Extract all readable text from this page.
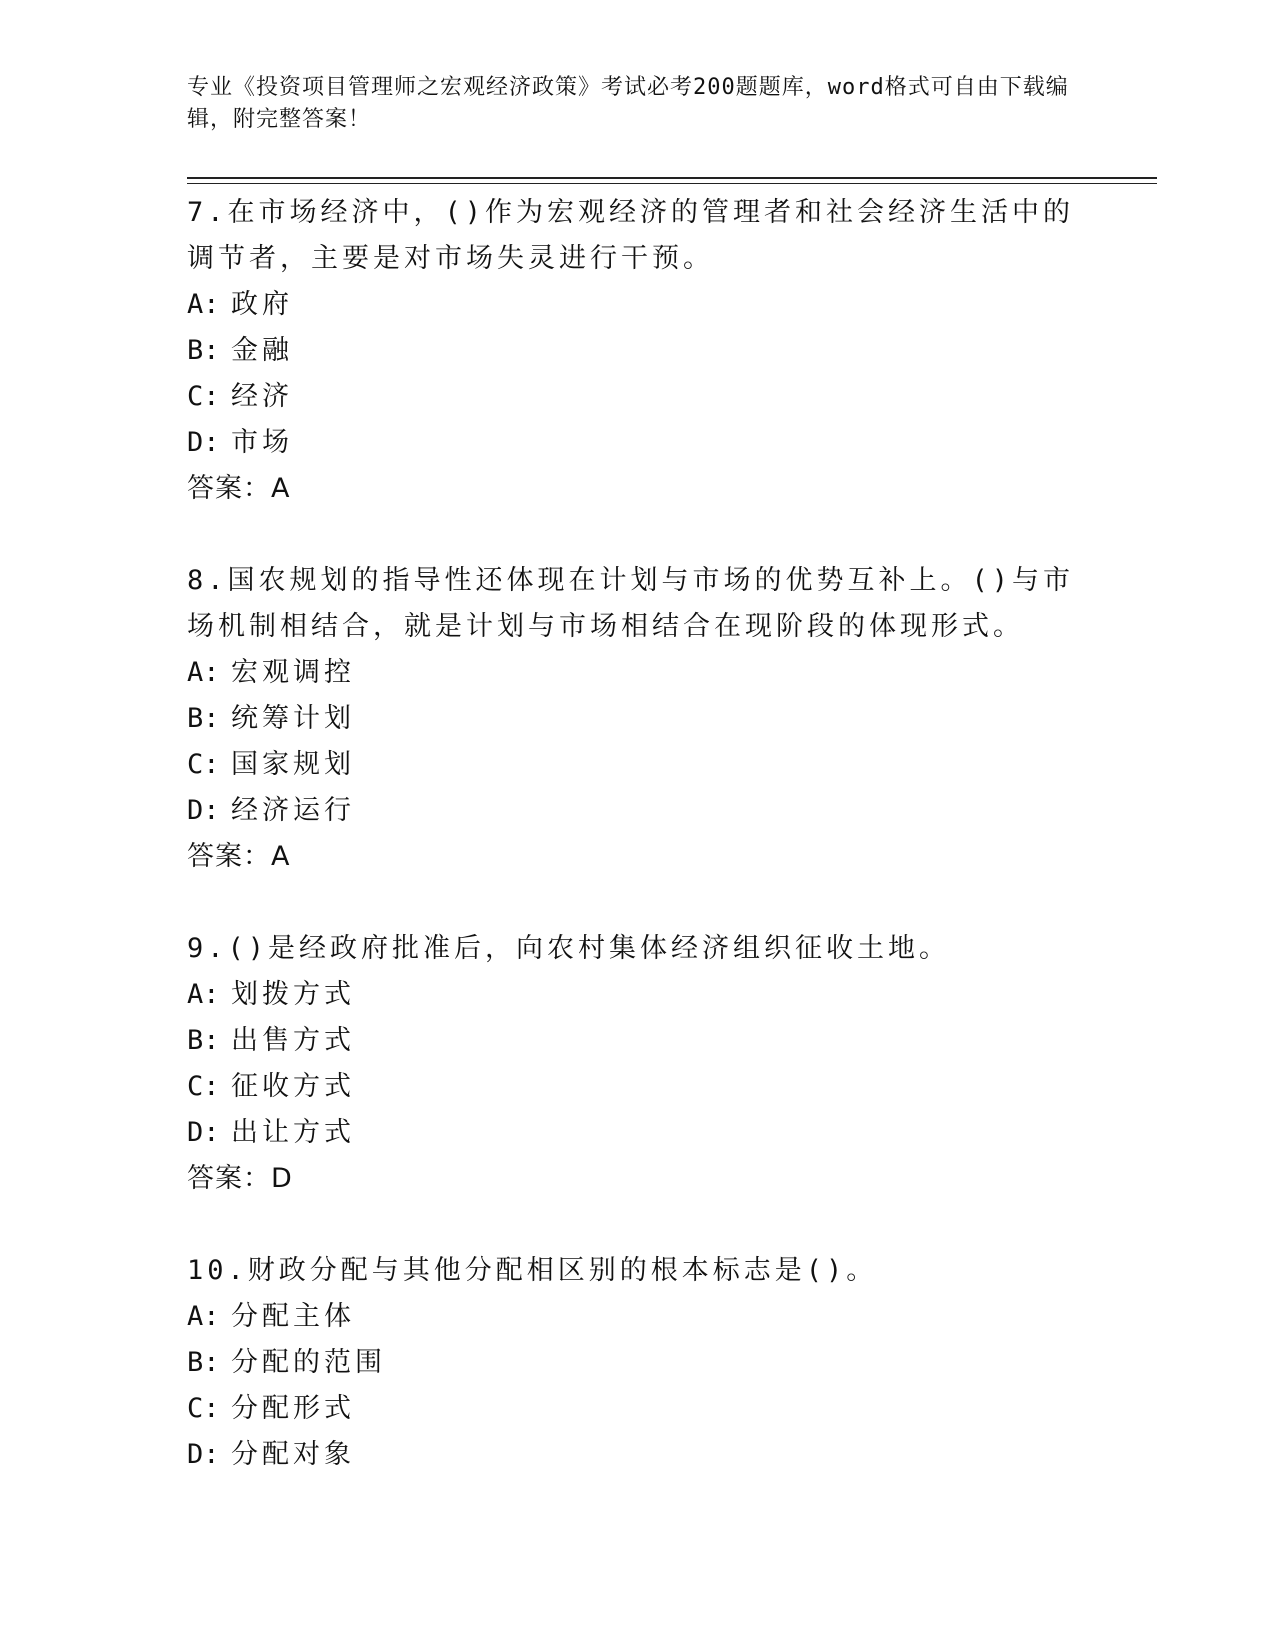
专业《投资项目管理师之宏观经济政策》考试必考200题题库，word格式可自由下载编辑，附完整答案！
7.在市场经济中，()作为宏观经济的管理者和社会经济生活中的调节者，主要是对市场失灵进行干预。
A: 政府
B: 金融
C: 经济
D: 市场
答案：A
8.国农规划的指导性还体现在计划与市场的优势互补上。()与市场机制相结合，就是计划与市场相结合在现阶段的体现形式。
A: 宏观调控
B: 统筹计划
C: 国家规划
D: 经济运行
答案：A
9.()是经政府批准后，向农村集体经济组织征收土地。
A: 划拨方式
B: 出售方式
C: 征收方式
D: 出让方式
答案：D
10.财政分配与其他分配相区别的根本标志是()。
A: 分配主体
B: 分配的范围
C: 分配形式
D: 分配对象
